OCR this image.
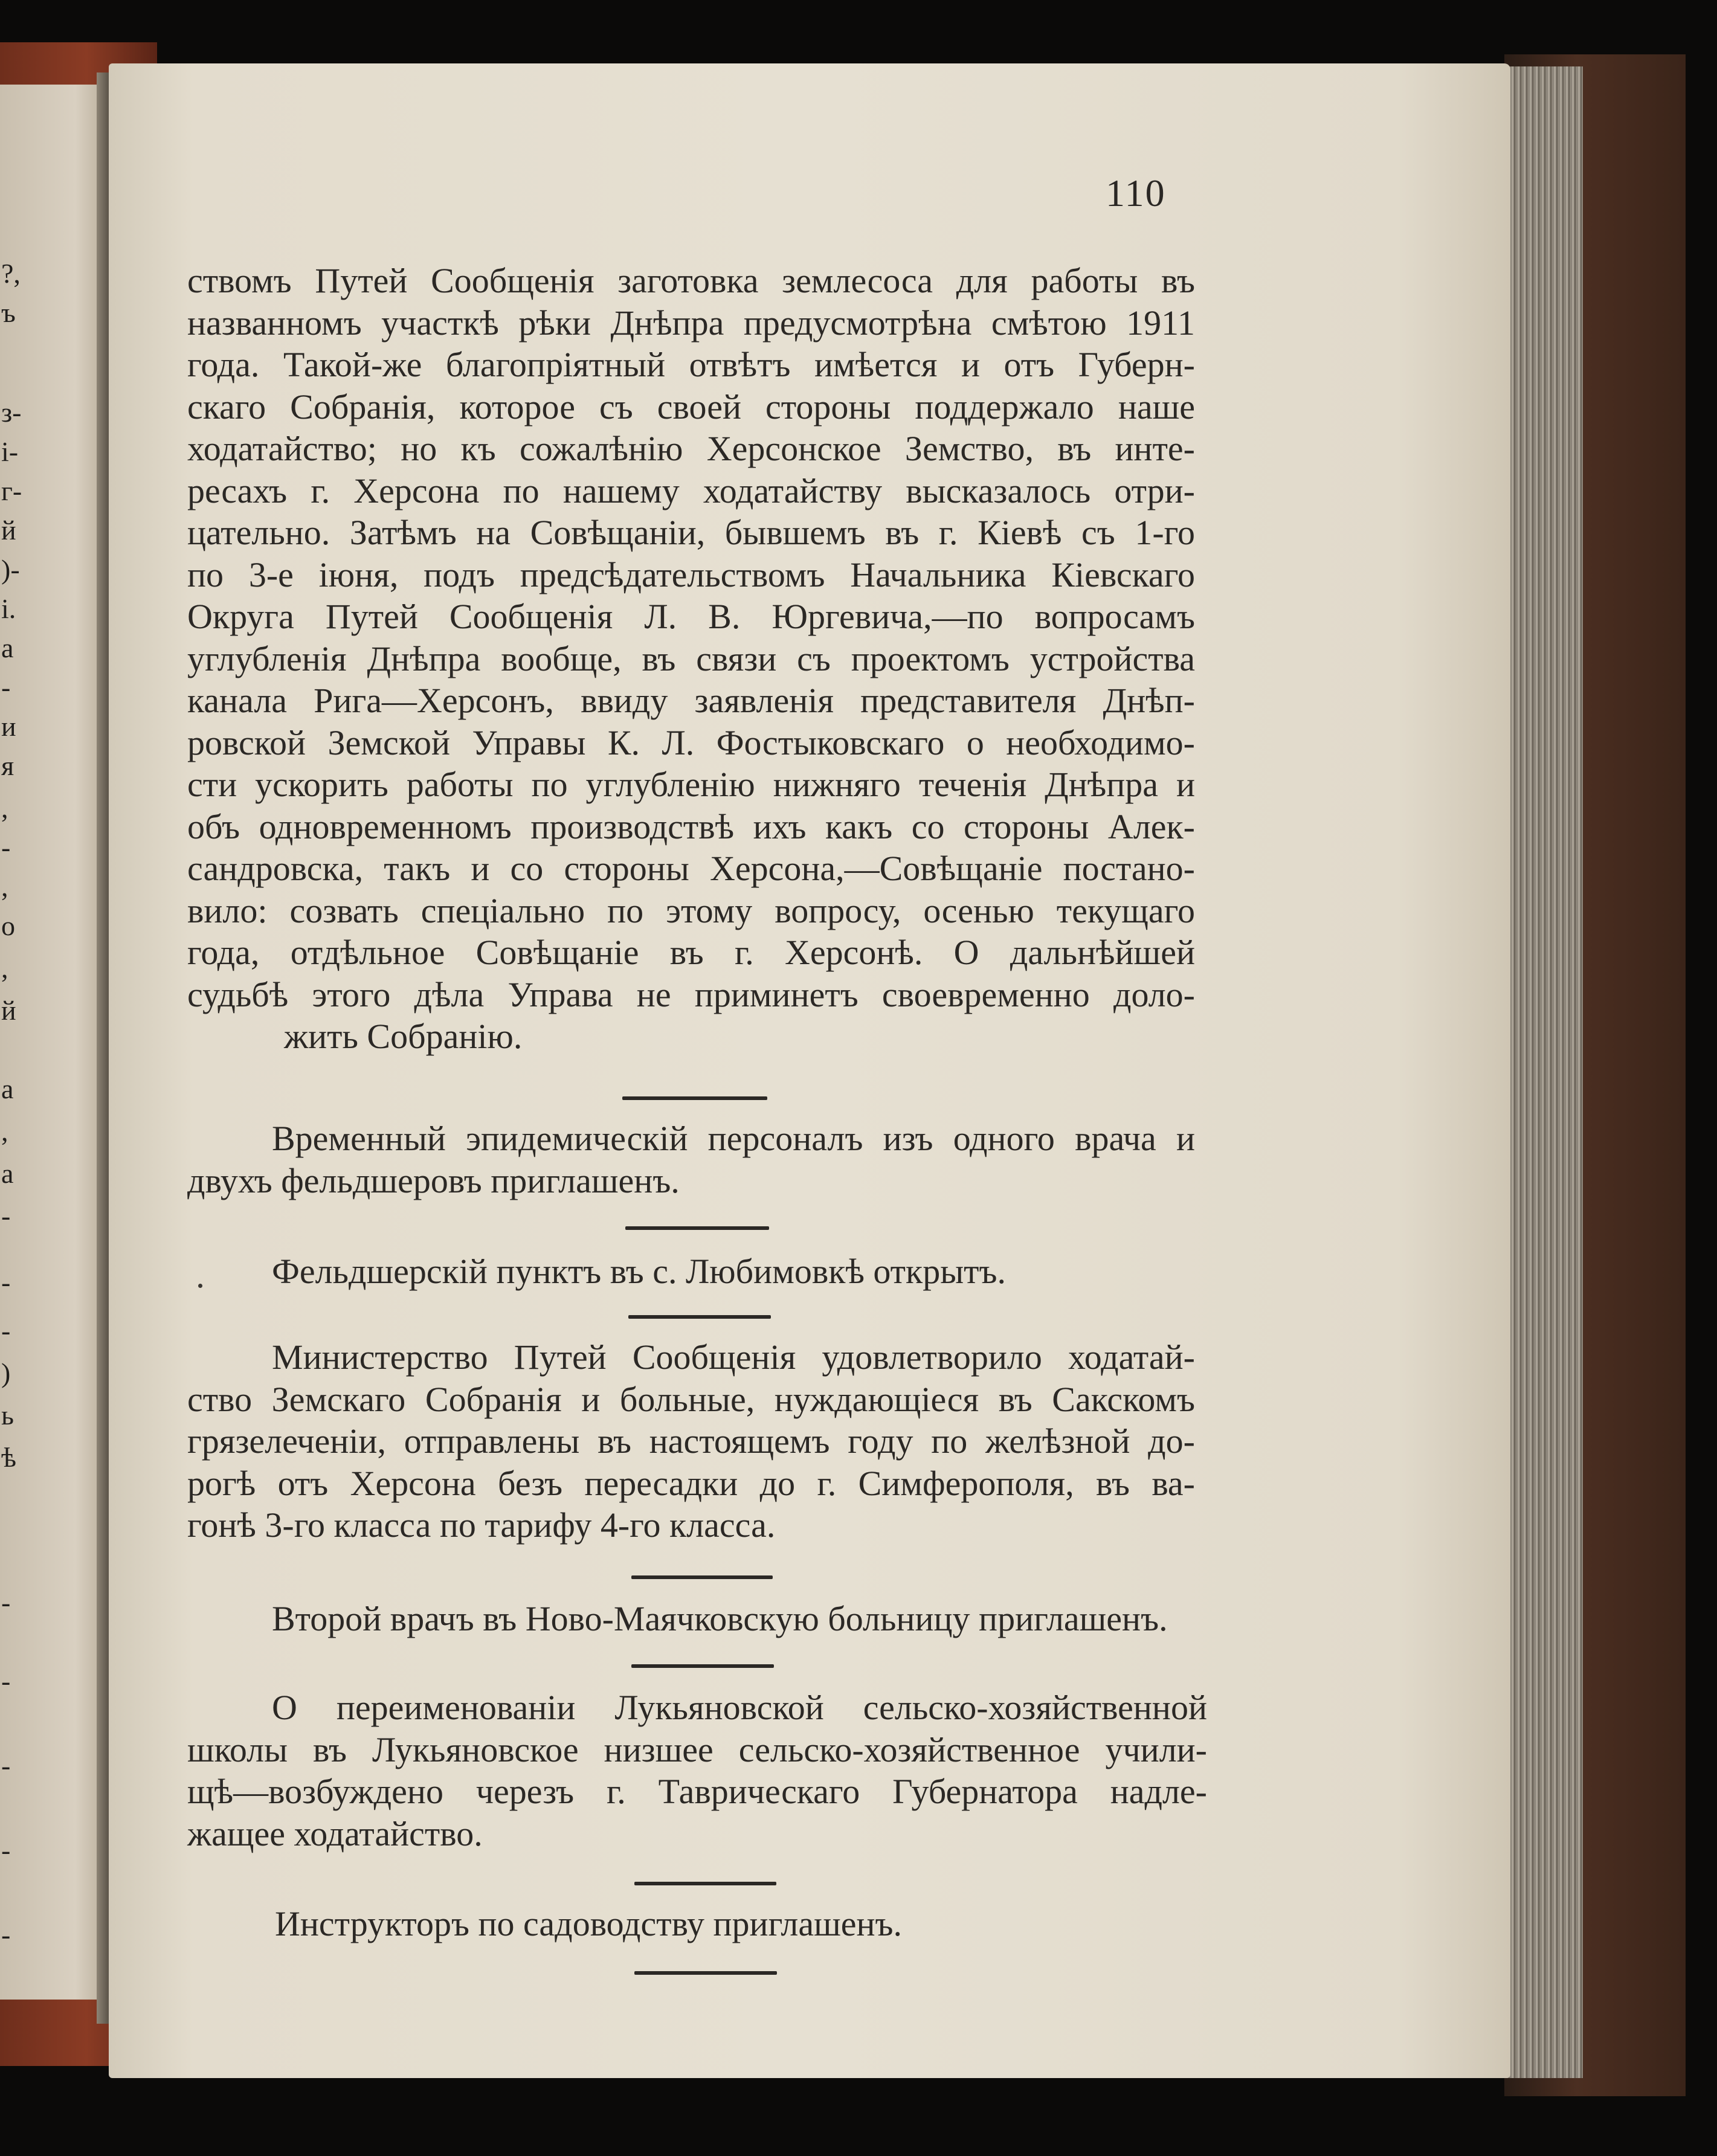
?,
ъ
з-
і-
г-
й
)-
і.
а
-
и
я
,
-
,
о
,
й
а
,
а
-
-
-
)
ь
ѣ
-
-
-
-
-
110
ствомъ Путей Сообщенія заготовка землесоса для работы въ
названномъ участкѣ рѣки Днѣпра предусмотрѣна смѣтою 1911
года. Такой-же благопріятный отвѣтъ имѣется и отъ Губерн-
скаго Собранія, которое съ своей стороны поддержало наше
ходатайство; но къ сожалѣнію Херсонское Земство, въ инте-
ресахъ г. Херсона по нашему ходатайству высказалось отри-
цательно. Затѣмъ на Совѣщаніи, бывшемъ въ г. Кіевѣ съ 1-го
по 3-е іюня, подъ предсѣдательствомъ Начальника Кіевскаго
Округа Путей Сообщенія Л. В. Юргевича,—по вопросамъ
углубленія Днѣпра вообще, въ связи съ проектомъ устройства
канала Рига—Херсонъ, ввиду заявленія представителя Днѣп-
ровской Земской Управы К. Л. Фостыковскаго о необходимо-
сти ускорить работы по углубленію нижняго теченія Днѣпра и
объ одновременномъ производствѣ ихъ какъ со стороны Алек-
сандровска, такъ и со стороны Херсона,—Совѣщаніе постано-
вило: созвать спеціально по этому вопросу, осенью текущаго
года, отдѣльное Совѣщаніе въ г. Херсонѣ. О дальнѣйшей
судьбѣ этого дѣла Управа не приминетъ своевременно доло-
жить Собранію.
Временный эпидемическій персоналъ изъ одного врача и
двухъ фельдшеровъ приглашенъ.
Фельдшерскій пунктъ въ с. Любимовкѣ открытъ.
Министерство Путей Сообщенія удовлетворило ходатай-
ство Земскаго Собранія и больные, нуждающіеся въ Сакскомъ
грязелеченіи, отправлены въ настоящемъ году по желѣзной до-
рогѣ отъ Херсона безъ пересадки до г. Симферополя, въ ва-
гонѣ 3-го класса по тарифу 4-го класса.
Второй врачъ въ Ново-Маячковскую больницу приглашенъ.
О переименованіи Лукьяновской сельско-хозяйственной
школы въ Лукьяновское низшее сельско-хозяйственное учили-
щѣ—возбуждено черезъ г. Таврическаго Губернатора надле-
жащее ходатайство.
Инструкторъ по садоводству приглашенъ.
